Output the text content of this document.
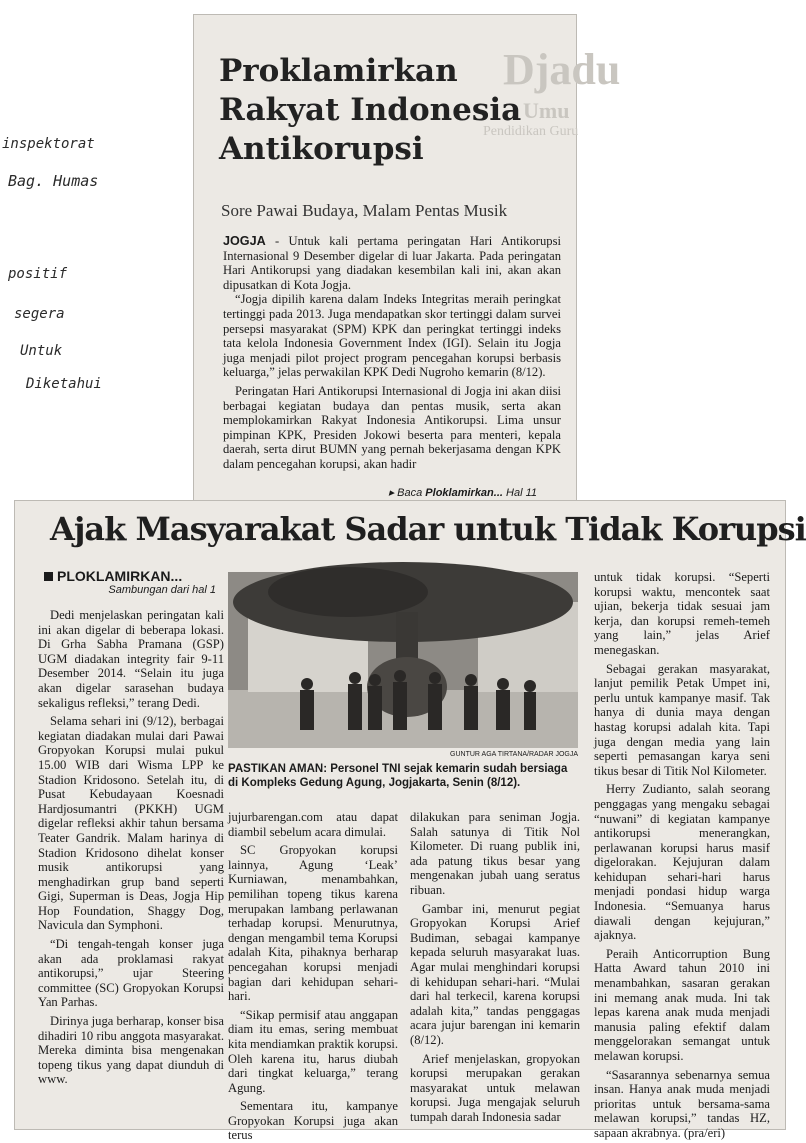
inspektorat
Bag. Humas
positif
segera
Untuk
Diketahui
Djadu
Umu
Pendidikan Guru
Proklamirkan
Rakyat Indonesia
Antikorupsi
Sore Pawai Budaya, Malam Pentas Musik

JOGJA - Untuk kali pertama peringatan Hari Antikorupsi Internasional 9 Desember digelar di luar Jakarta. Pada peringatan Hari Antikorupsi yang diadakan kesembilan kali ini, akan akan dipusatkan di Kota Jogja.

“Jogja dipilih karena dalam Indeks Integritas meraih peringkat tertinggi pada 2013. Juga mendapatkan skor tertinggi dalam survei persepsi masyarakat (SPM) KPK dan peringkat tertinggi indeks tata kelola Indonesia Government Index (IGI). Selain itu Jogja juga menjadi pilot project program pencegahan korupsi berbasis keluarga,” jelas perwakilan KPK Dedi Nugroho kemarin (8/12).

Peringatan Hari Antikorupsi Internasional di Jogja ini akan diisi berbagai kegiatan budaya dan pentas musik, serta akan memplokamirkan Rakyat Indonesia Antikorupsi. Lima unsur pimpinan KPK, Presiden Jokowi beserta para menteri, kepala daerah, serta dirut BUMN yang pernah bekerjasama dengan KPK dalam pencegahan korupsi, akan hadir

▸ Baca Ploklamirkan... Hal 11
Ajak Masyarakat Sadar untuk Tidak Korupsi
PLOKLAMIRKAN...
Sambungan dari hal 1

Dedi menjelaskan peringatan kali ini akan digelar di beberapa lokasi. Di Grha Sabha Pramana (GSP) UGM diadakan integrity fair 9-11 Desember 2014. “Selain itu juga akan digelar sarasehan budaya sekaligus refleksi,” terang Dedi.

Selama sehari ini (9/12), berbagai kegiatan diadakan mulai dari Pawai Gropyokan Korupsi mulai pukul 15.00 WIB dari Wisma LPP ke Stadion Kridosono. Setelah itu, di Pusat Kebudayaan Koesnadi Hardjosumantri (PKKH) UGM digelar refleksi akhir tahun bersama Teater Gandrik. Malam harinya di Stadion Kridosono dihelat konser musik antikorupsi yang menghadirkan grup band seperti Gigi, Superman is Deas, Jogja Hip Hop Foundation, Shaggy Dog, Navicula dan Symphoni.

“Di tengah-tengah konser juga akan ada proklamasi rakyat antikorupsi,” ujar Steering committee (SC) Gropyokan Korupsi Yan Parhas.

Dirinya juga berharap, konser bisa dihadiri 10 ribu anggota masyarakat. Mereka diminta bisa mengenakan topeng tikus yang dapat diunduh di www.

GUNTUR AGA TIRTANA/RADAR JOGJA
PASTIKAN AMAN: Personel TNI sejak kemarin sudah bersiaga di Kompleks Gedung Agung, Jogjakarta, Senin (8/12).

jujurbarengan.com atau dapat diambil sebelum acara dimulai.

SC Gropyokan korupsi lainnya, Agung ‘Leak’ Kurniawan, menambahkan, pemilihan topeng tikus karena merupakan lambang perlawanan terhadap korupsi. Menurutnya, dengan mengambil tema Korupsi adalah Kita, pihaknya berharap pencegahan korupsi menjadi bagian dari kehidupan sehari-hari.

“Sikap permisif atau anggapan diam itu emas, sering membuat kita mendiamkan praktik korupsi. Oleh karena itu, harus diubah dari tingkat keluarga,” terang Agung.

Sementara itu, kampanye Gropyokan Korupsi juga akan terus

dilakukan para seniman Jogja. Salah satunya di Titik Nol Kilometer. Di ruang publik ini, ada patung tikus besar yang mengenakan jubah uang seratus ribuan.

Gambar ini, menurut pegiat Gropyokan Korupsi Arief Budiman, sebagai kampanye kepada seluruh masyarakat luas. Agar mulai menghindari korupsi di kehidupan sehari-hari. “Mulai dari hal terkecil, karena korupsi adalah kita,” tandas penggagas acara jujur barengan ini kemarin (8/12).

Arief menjelaskan, gropyokan korupsi merupakan gerakan masyarakat untuk melawan korupsi. Juga mengajak seluruh tumpah darah Indonesia sadar

untuk tidak korupsi. “Seperti korupsi waktu, mencontek saat ujian, bekerja tidak sesuai jam kerja, dan korupsi remeh-temeh yang lain,” jelas Arief menegaskan.

Sebagai gerakan masyarakat, lanjut pemilik Petak Umpet ini, perlu untuk kampanye masif. Tak hanya di dunia maya dengan hastag korupsi adalah kita. Tapi juga dengan media yang lain seperti pemasangan karya seni tikus besar di Titik Nol Kilometer.

Herry Zudianto, salah seorang penggagas yang mengaku sebagai “nuwani” di kegiatan kampanye antikorupsi menerangkan, perlawanan korupsi harus masif digelorakan. Kejujuran dalam kehidupan sehari-hari harus menjadi pondasi hidup warga Indonesia. “Semuanya harus diawali dengan kejujuran,” ajaknya.

Peraih Anticorruption Bung Hatta Award tahun 2010 ini menambahkan, sasaran gerakan ini memang anak muda. Ini tak lepas karena anak muda menjadi manusia paling efektif dalam menggelorakan semangat untuk melawan korupsi.

“Sasarannya sebenarnya semua insan. Hanya anak muda menjadi prioritas untuk bersama-sama melawan korupsi,” tandas HZ, sapaan akrabnya. (pra/eri)
